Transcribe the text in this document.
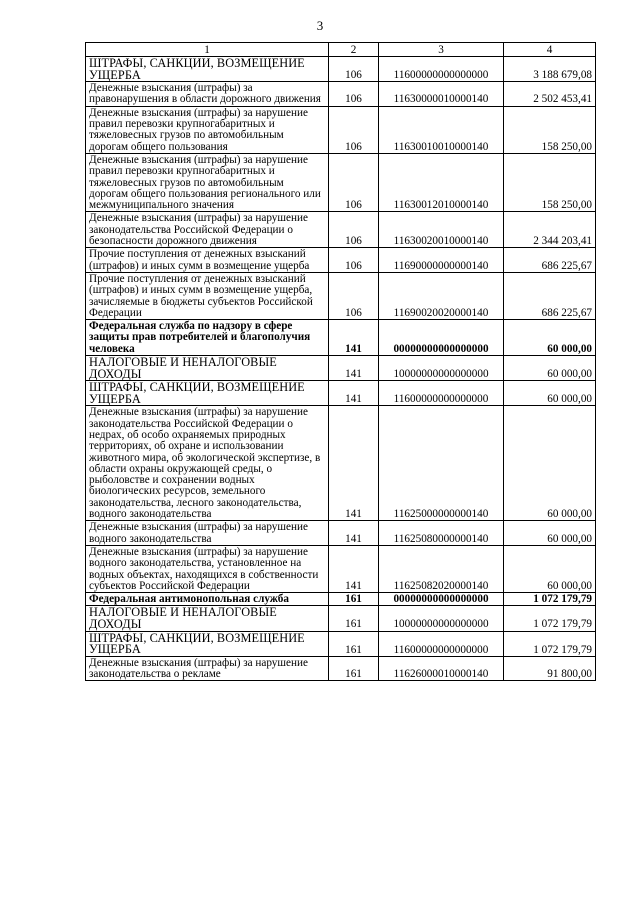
3
1	2	3	4
ШТРАФЫ, САНКЦИИ, ВОЗМЕЩЕНИЕ УЩЕРБА	106	11600000000000000	3 188 679,08
Денежные взыскания (штрафы) за правонарушения в области дорожного движения	106	11630000010000140	2 502 453,41
Денежные взыскания (штрафы) за нарушение правил перевозки крупногабаритных и тяжеловесных грузов по автомобильным дорогам общего пользования	106	11630010010000140	158 250,00
Денежные взыскания (штрафы) за нарушение правил перевозки крупногабаритных и тяжеловесных грузов по автомобильным дорогам общего пользования регионального или межмуниципального значения	106	11630012010000140	158 250,00
Денежные взыскания (штрафы) за нарушение законодательства Российской Федерации о безопасности дорожного движения	106	11630020010000140	2 344 203,41
Прочие поступления от денежных взысканий (штрафов) и иных сумм в возмещение ущерба	106	11690000000000140	686 225,67
Прочие поступления от денежных взысканий (штрафов) и иных сумм в возмещение ущерба, зачисляемые в бюджеты субъектов Российской Федерации	106	11690020020000140	686 225,67
Федеральная служба по надзору в сфере защиты прав потребителей и благополучия человека	141	00000000000000000	60 000,00
НАЛОГОВЫЕ И НЕНАЛОГОВЫЕ ДОХОДЫ	141	10000000000000000	60 000,00
ШТРАФЫ, САНКЦИИ, ВОЗМЕЩЕНИЕ УЩЕРБА	141	11600000000000000	60 000,00
Денежные взыскания (штрафы) за нарушение законодательства Российской Федерации о недрах, об особо охраняемых природных территориях, об охране и использовании животного мира, об экологической экспертизе, в области охраны окружающей среды, о рыболовстве и сохранении водных биологических ресурсов, земельного законодательства, лесного законодательства, водного законодательства	141	11625000000000140	60 000,00
Денежные взыскания (штрафы) за нарушение водного законодательства	141	11625080000000140	60 000,00
Денежные взыскания (штрафы) за нарушение водного законодательства, установленное на водных объектах, находящихся в собственности субъектов Российской Федерации	141	11625082020000140	60 000,00
Федеральная антимонопольная служба	161	00000000000000000	1 072 179,79
НАЛОГОВЫЕ И НЕНАЛОГОВЫЕ ДОХОДЫ	161	10000000000000000	1 072 179,79
ШТРАФЫ, САНКЦИИ, ВОЗМЕЩЕНИЕ УЩЕРБА	161	11600000000000000	1 072 179,79
Денежные взыскания (штрафы) за нарушение законодательства о рекламе	161	11626000010000140	91 800,00
